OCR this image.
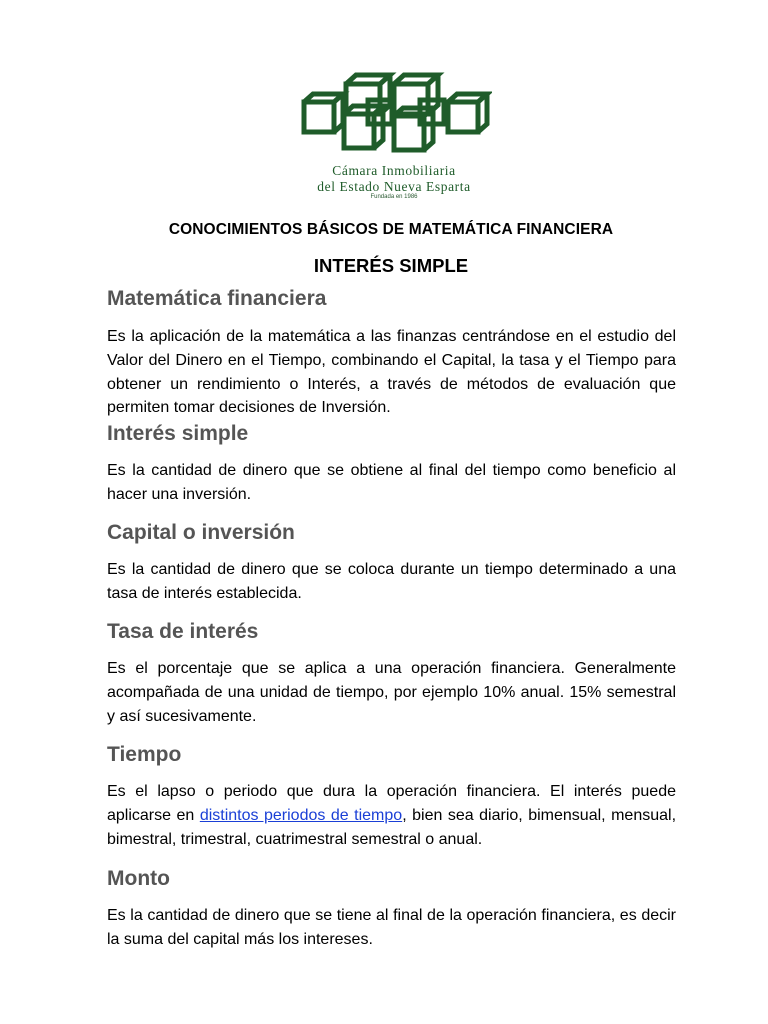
Cámara Inmobiliaria
del Estado Nueva Esparta
Fundada en 1986
CONOCIMIENTOS BÁSICOS DE MATEMÁTICA FINANCIERA
INTERÉS SIMPLE
Matemática financiera

Es la aplicación de la matemática a las finanzas centrándose en el estudio del Valor del Dinero en el Tiempo, combinando el Capital, la tasa y el Tiempo para obtener un rendimiento o Interés, a través de métodos de evaluación que permiten tomar decisiones de Inversión.

Interés simple

Es la cantidad de dinero que se obtiene al final del tiempo como beneficio al hacer una inversión.

Capital o inversión

Es la cantidad de dinero que se coloca durante un tiempo determinado a una tasa de interés establecida.

Tasa de interés

Es el porcentaje que se aplica a una operación financiera. Generalmente acompañada de una unidad de tiempo, por ejemplo 10% anual. 15% semestral y así sucesivamente.

Tiempo

Es el lapso o periodo que dura la operación financiera. El interés puede aplicarse en distintos periodos de tiempo, bien sea diario, bimensual, mensual, bimestral, trimestral, cuatrimestral semestral o anual.

Monto

Es la cantidad de dinero que se tiene al final de la operación financiera, es decir la suma del capital más los intereses.
